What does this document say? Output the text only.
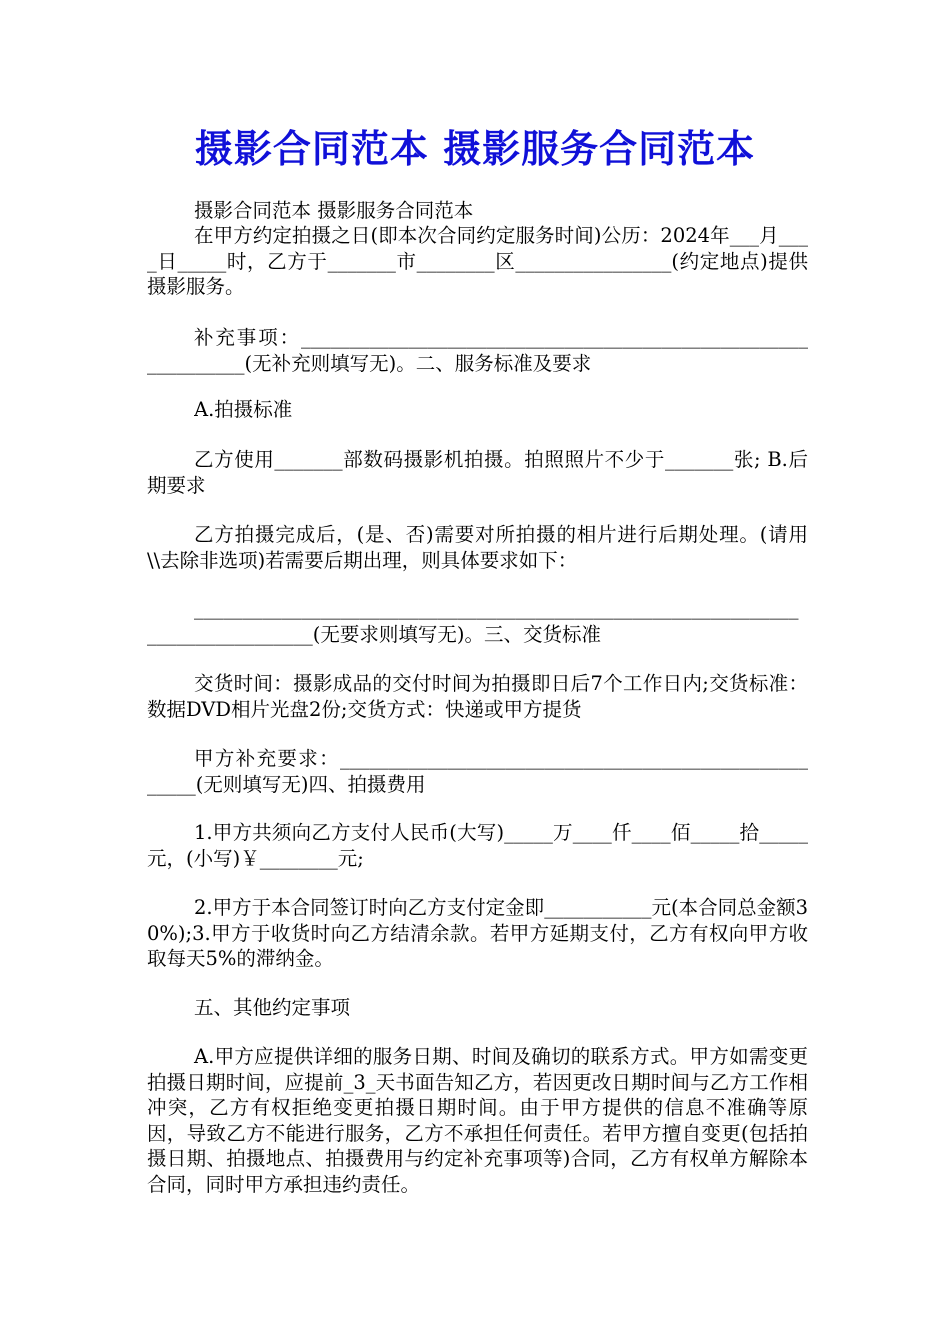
摄影合同范本 摄影服务合同范本

摄影合同范本 摄影服务合同范本

在甲方约定拍摄之日(即本次合同约定服务时间)公历：2024年___月____日_____时，乙方于_______市________区________________(约定地点)提供摄影服务。

补充事项：______________________________________________________________(无补充则填写无)。二、服务标准及要求

A.拍摄标准

乙方使用_______部数码摄影机拍摄。拍照照片不少于_______张; B.后期要求

乙方拍摄完成后，(是、否)需要对所拍摄的相片进行后期处理。(请用\\去除非选项)若需要后期出理，则具体要求如下：

_______________________________________________________________________________(无要求则填写无)。三、交货标准

交货时间：摄影成品的交付时间为拍摄即日后7个工作日内;交货标准：数据DVD相片光盘2份;交货方式：快递或甲方提货

甲方补充要求：_____________________________________________________(无则填写无)四、拍摄费用

1.甲方共须向乙方支付人民币(大写)_____万____仟____佰_____拾_____元，(小写)￥________元;

2.甲方于本合同签订时向乙方支付定金即___________元(本合同总金额30%);3.甲方于收货时向乙方结清余款。若甲方延期支付，乙方有权向甲方收取每天5%的滞纳金。

五、其他约定事项

A.甲方应提供详细的服务日期、时间及确切的联系方式。甲方如需变更拍摄日期时间，应提前_3_天书面告知乙方，若因更改日期时间与乙方工作相冲突，乙方有权拒绝变更拍摄日期时间。由于甲方提供的信息不准确等原因，导致乙方不能进行服务，乙方不承担任何责任。若甲方擅自变更(包括拍摄日期、拍摄地点、拍摄费用与约定补充事项等)合同，乙方有权单方解除本合同，同时甲方承担违约责任。
